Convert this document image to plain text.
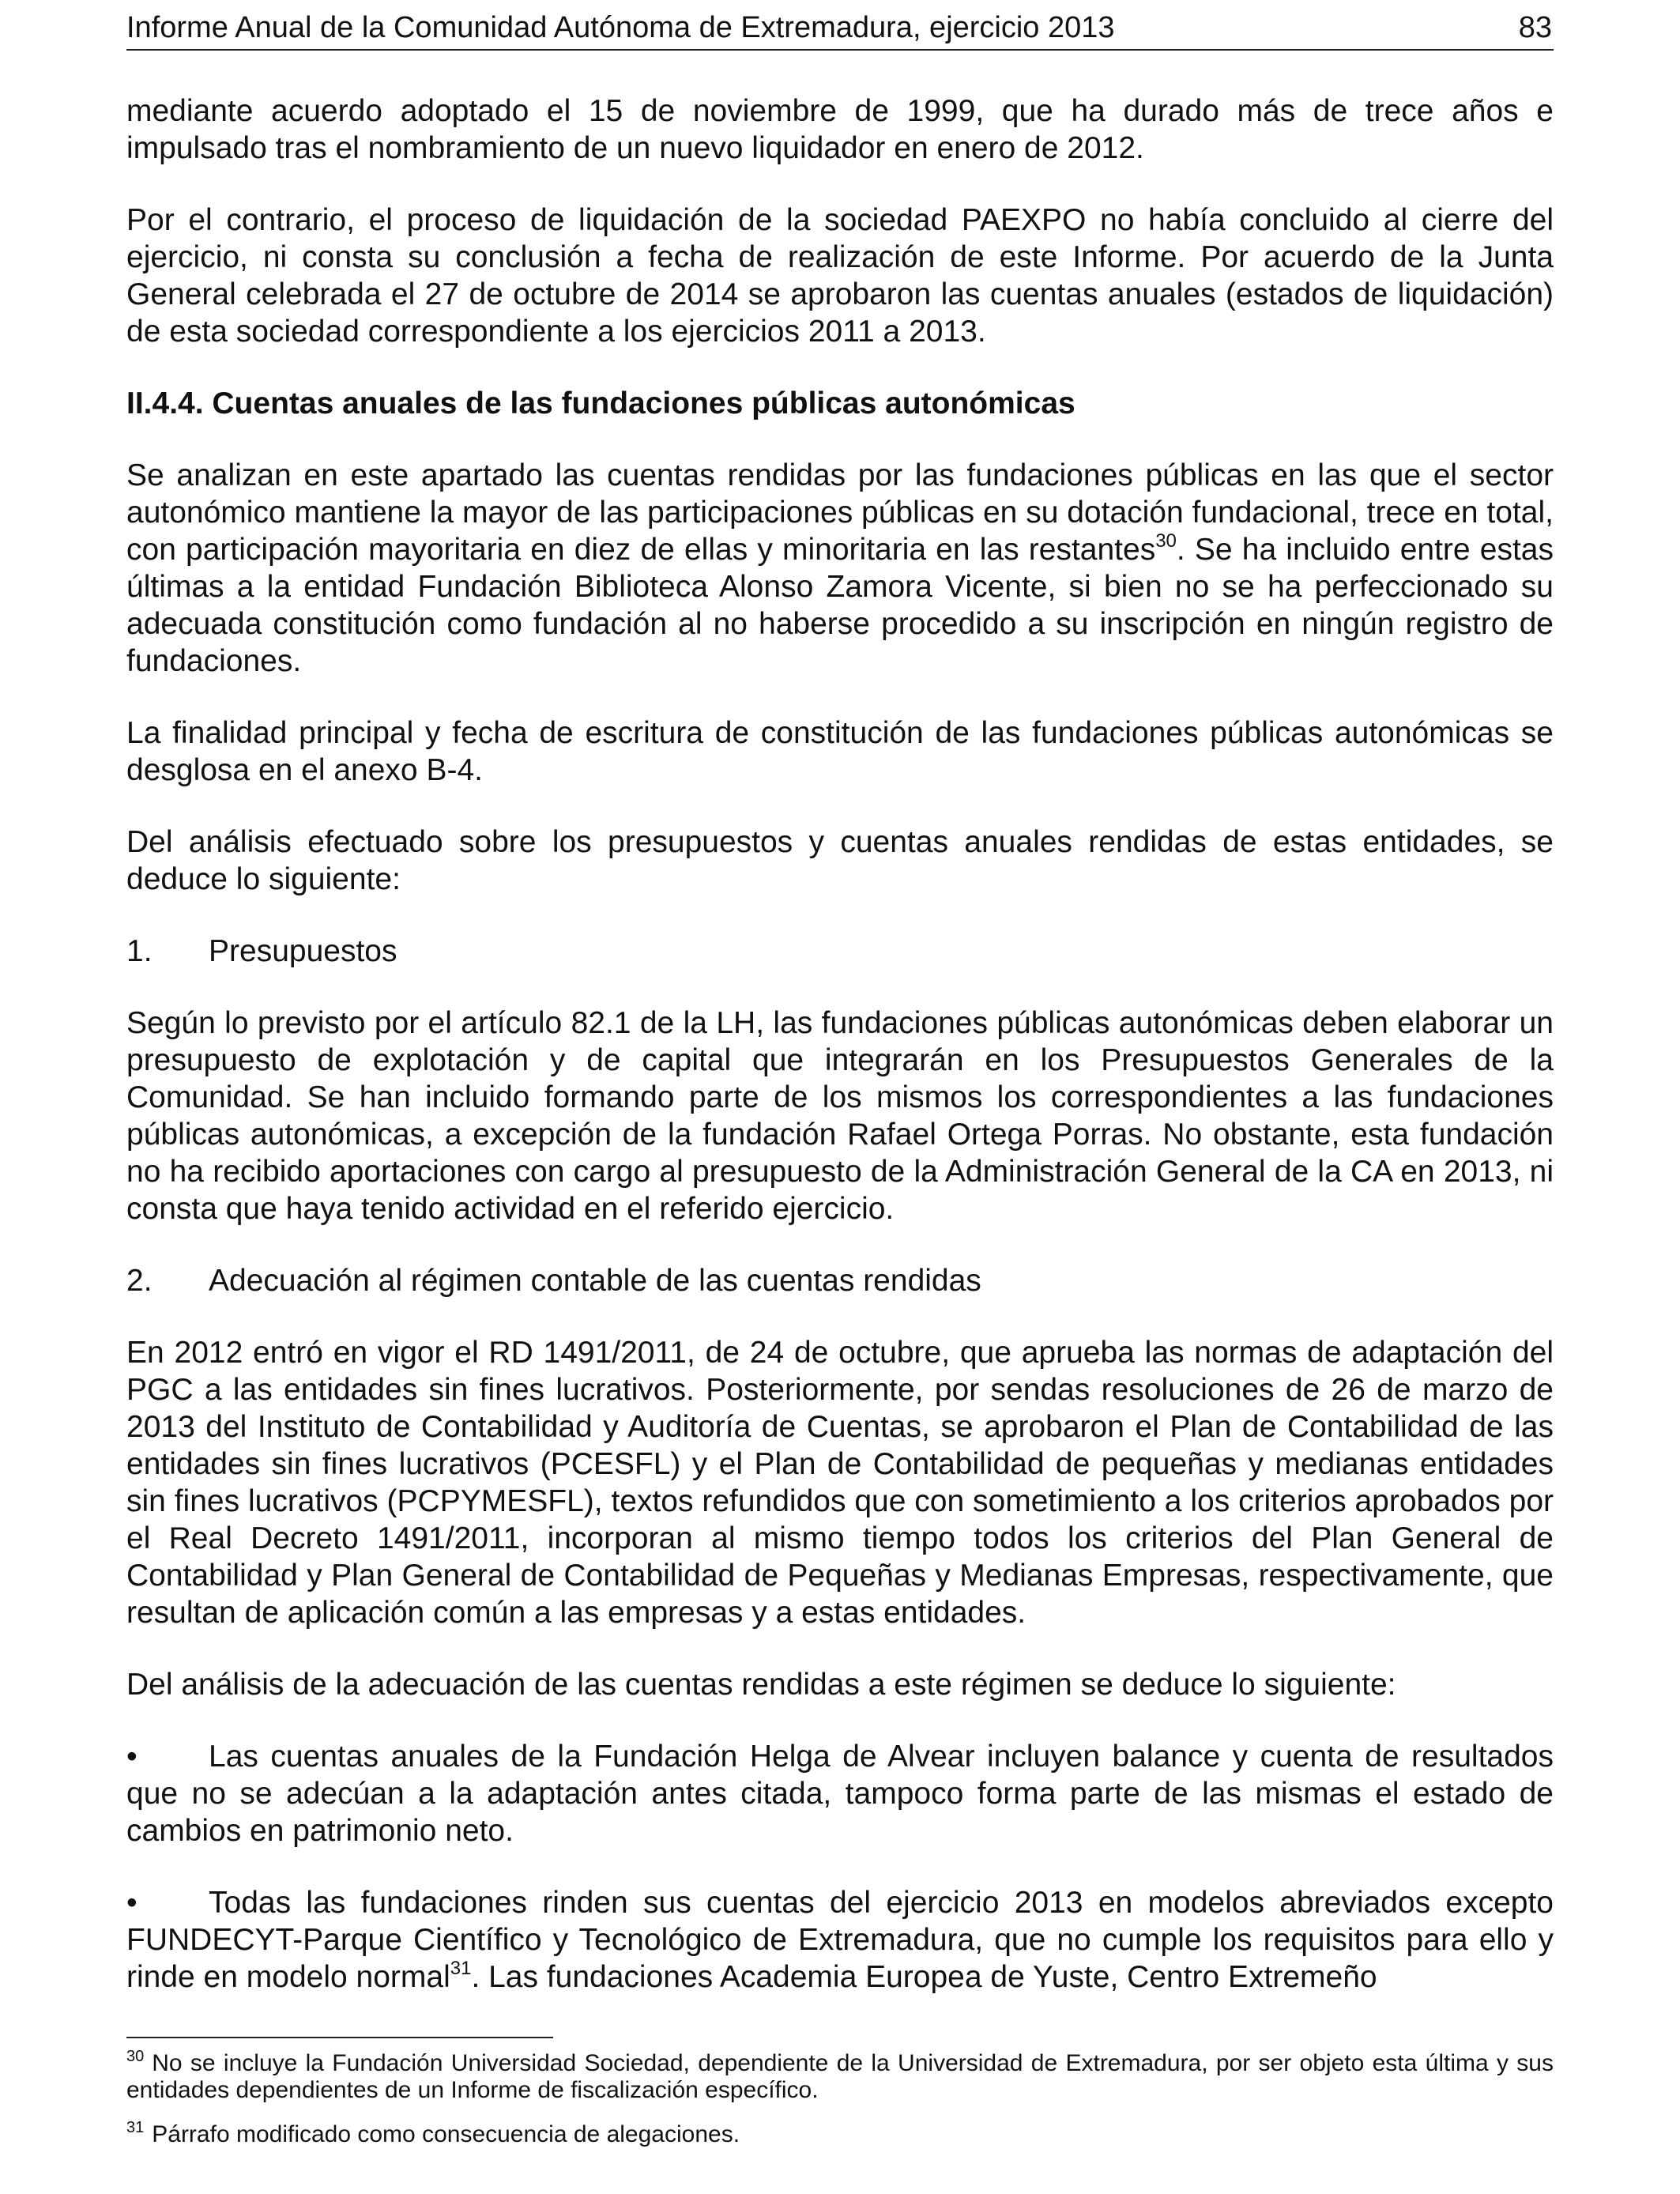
Informe Anual de la Comunidad Autónoma de Extremadura, ejercicio 2013	83

mediante acuerdo adoptado el 15 de noviembre de 1999, que ha durado más de trece años e impulsado tras el nombramiento de un nuevo liquidador en enero de 2012.

Por el contrario, el proceso de liquidación de la sociedad PAEXPO no había concluido al cierre del ejercicio, ni consta su conclusión a fecha de realización de este Informe. Por acuerdo de la Junta General celebrada el 27 de octubre de 2014 se aprobaron las cuentas anuales (estados de liquidación) de esta sociedad correspondiente a los ejercicios 2011 a 2013.

II.4.4. Cuentas anuales de las fundaciones públicas autonómicas

Se analizan en este apartado las cuentas rendidas por las fundaciones públicas en las que el sector autonómico mantiene la mayor de las participaciones públicas en su dotación fundacional, trece en total, con participación mayoritaria en diez de ellas y minoritaria en las restantes$^{30}$. Se ha incluido entre estas últimas a la entidad Fundación Biblioteca Alonso Zamora Vicente, si bien no se ha perfeccionado su adecuada constitución como fundación al no haberse procedido a su inscripción en ningún registro de fundaciones.

La finalidad principal y fecha de escritura de constitución de las fundaciones públicas autonómicas se desglosa en el anexo B-4.

Del análisis efectuado sobre los presupuestos y cuentas anuales rendidas de estas entidades, se deduce lo siguiente:

1. Presupuestos

Según lo previsto por el artículo 82.1 de la LH, las fundaciones públicas autonómicas deben elaborar un presupuesto de explotación y de capital que integrarán en los Presupuestos Generales de la Comunidad. Se han incluido formando parte de los mismos los correspondientes a las fundaciones públicas autonómicas, a excepción de la fundación Rafael Ortega Porras. No obstante, esta fundación no ha recibido aportaciones con cargo al presupuesto de la Administración General de la CA en 2013, ni consta que haya tenido actividad en el referido ejercicio.

2. Adecuación al régimen contable de las cuentas rendidas

En 2012 entró en vigor el RD 1491/2011, de 24 de octubre, que aprueba las normas de adaptación del PGC a las entidades sin fines lucrativos. Posteriormente, por sendas resoluciones de 26 de marzo de 2013 del Instituto de Contabilidad y Auditoría de Cuentas, se aprobaron el Plan de Contabilidad de las entidades sin fines lucrativos (PCESFL) y el Plan de Contabilidad de pequeñas y medianas entidades sin fines lucrativos (PCPYMESFL), textos refundidos que con sometimiento a los criterios aprobados por el Real Decreto 1491/2011, incorporan al mismo tiempo todos los criterios del Plan General de Contabilidad y Plan General de Contabilidad de Pequeñas y Medianas Empresas, respectivamente, que resultan de aplicación común a las empresas y a estas entidades.

Del análisis de la adecuación de las cuentas rendidas a este régimen se deduce lo siguiente:

• Las cuentas anuales de la Fundación Helga de Alvear incluyen balance y cuenta de resultados que no se adecúan a la adaptación antes citada, tampoco forma parte de las mismas el estado de cambios en patrimonio neto.

• Todas las fundaciones rinden sus cuentas del ejercicio 2013 en modelos abreviados excepto FUNDECYT-Parque Científico y Tecnológico de Extremadura, que no cumple los requisitos para ello y rinde en modelo normal$^{31}$. Las fundaciones Academia Europea de Yuste, Centro Extremeño

$^{30}$ No se incluye la Fundación Universidad Sociedad, dependiente de la Universidad de Extremadura, por ser objeto esta última y sus entidades dependientes de un Informe de fiscalización específico.

$^{31}$ Párrafo modificado como consecuencia de alegaciones.
